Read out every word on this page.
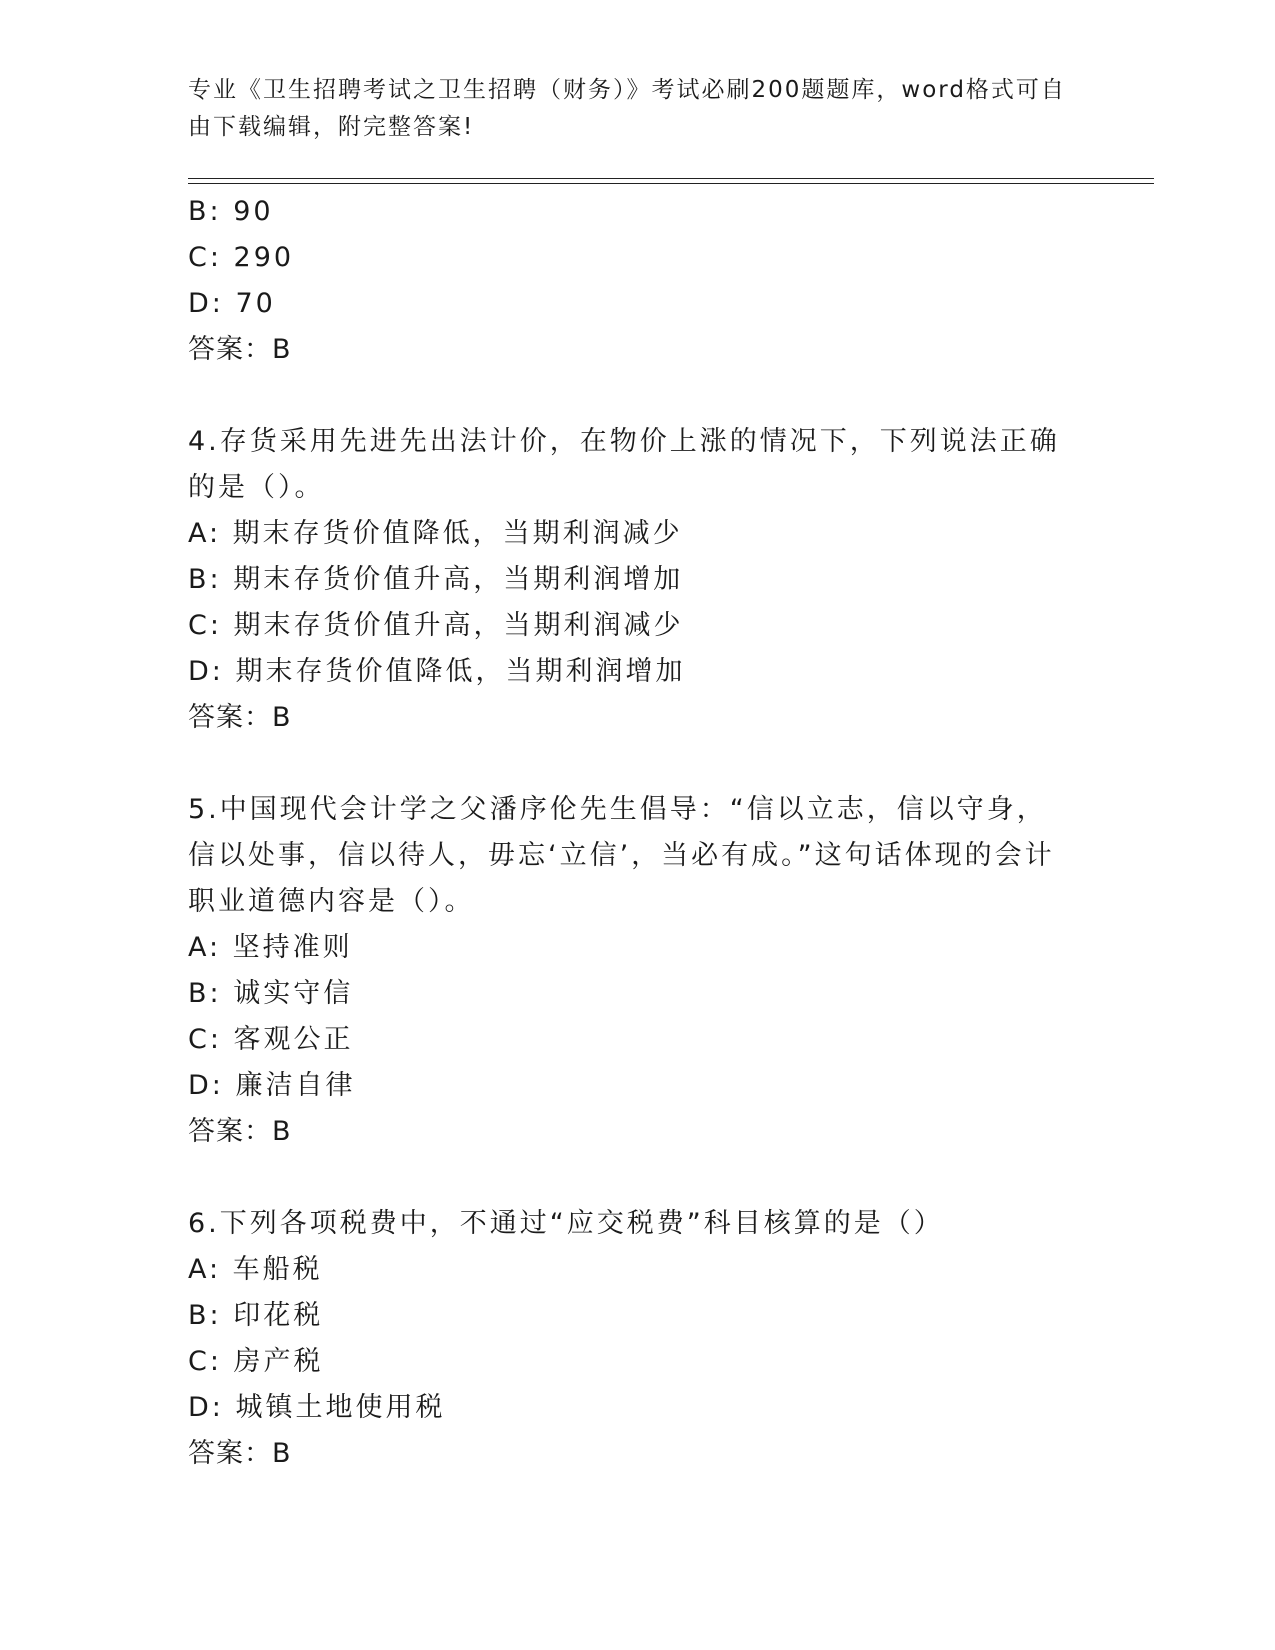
专业《卫生招聘考试之卫生招聘（财务）》考试必刷200题题库，word格式可自由下载编辑，附完整答案!
B: 90
C: 290
D: 70
答案：B
4.存货采用先进先出法计价，在物价上涨的情况下，下列说法正确的是（）。
A: 期末存货价值降低，当期利润减少
B: 期末存货价值升高，当期利润增加
C: 期末存货价值升高，当期利润减少
D: 期末存货价值降低，当期利润增加
答案：B
5.中国现代会计学之父潘序伦先生倡导：“信以立志，信以守身，信以处事，信以待人，毋忘‘立信’，当必有成。”这句话体现的会计职业道德内容是（）。
A: 坚持准则
B: 诚实守信
C: 客观公正
D: 廉洁自律
答案：B
6.下列各项税费中，不通过“应交税费”科目核算的是（）
A: 车船税
B: 印花税
C: 房产税
D: 城镇土地使用税
答案：B
